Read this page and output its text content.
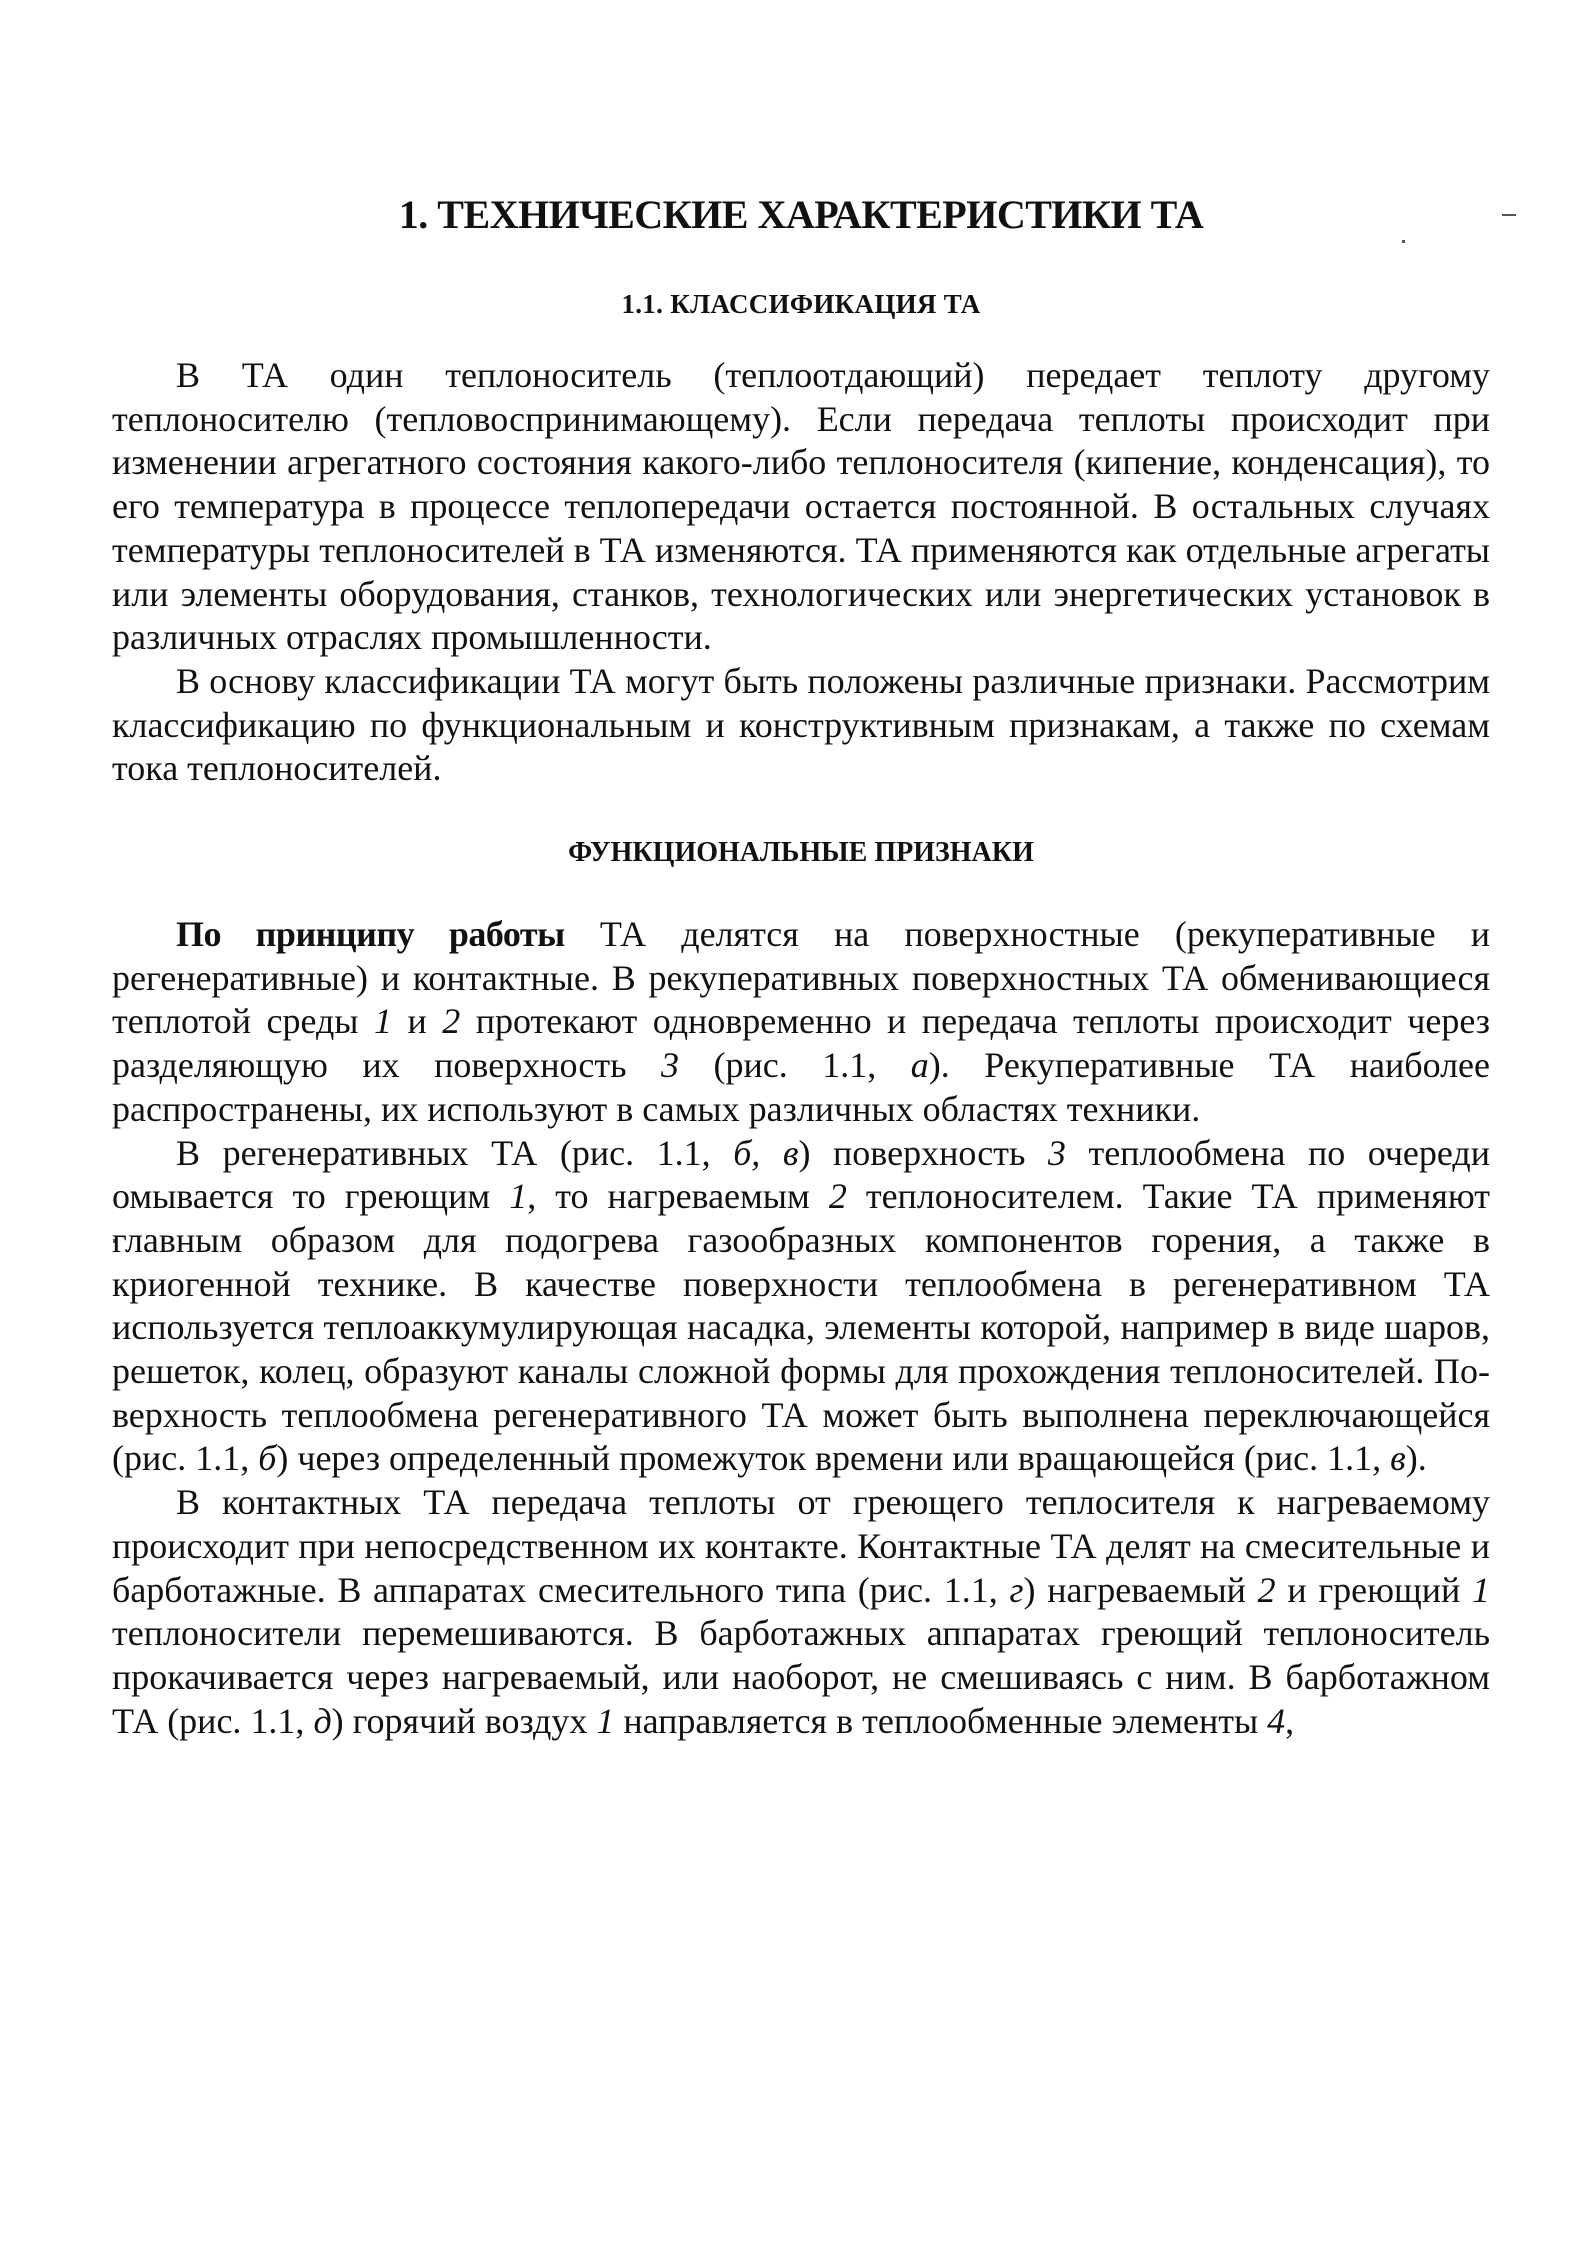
1. ТЕХНИЧЕСКИЕ ХАРАКТЕРИСТИКИ ТА
1.1. КЛАССИФИКАЦИЯ ТА

В ТА один теплоноситель (теплоотдающий) передает теплоту другому теплоносителю (тепловоспринимающему). Если передача теплоты происходит при изменении агрегатного состояния какого-либо теплоносителя (кипение, конденсация), то его температура в процессе теплопередачи остается постоянной. В остальных случаях температуры теплоносителей в ТА изменяются. ТА применяются как отдельные агрегаты или элементы оборудования, станков, технологических или энергетических установок в различных отраслях промышленности.

В основу классификации ТА могут быть положены различные признаки. Рассмотрим классификацию по функциональным и конструктивным признакам, а также по схемам тока теплоносителей.

ФУНКЦИОНАЛЬНЫЕ ПРИЗНАКИ

По принципу работы ТА делятся на поверхностные (рекуперативные и регенеративные) и контактные. В рекуперативных поверхностных ТА обменивающиеся теплотой среды 1 и 2 протекают одновременно и передача теплоты происходит через разделяющую их поверхность 3 (рис. 1.1, а). Рекуперативные ТА наиболее распространены, их используют в самых различных областях техники.

В регенеративных ТА (рис. 1.1, б, в) поверхность 3 теплообмена по очереди омывается то греющим 1, то нагреваемым 2 теплоносителем. Такие ТА применяют главным образом для подогрева газообразных компонентов горения, а также в криогенной технике. В качестве поверхности теплообмена в регенеративном ТА используется теплоаккумулирующая насадка, элементы которой, например в виде шаров, решеток, колец, образуют каналы сложной формы для прохождения теплоносителей. Поверхность теплообмена регенеративного ТА может быть выполнена переключающейся (рис. 1.1, б) через определенный промежуток времени или вращающейся (рис. 1.1, в).

В контактных ТА передача теплоты от греющего теплосителя к нагреваемому происходит при непосредственном их контакте. Контактные ТА делят на смесительные и барботажные. В аппаратах смесительного типа (рис. 1.1, г) нагреваемый 2 и греющий 1 теплоносители перемешиваются. В барботажных аппаратах греющий теплоноситель прокачивается через нагреваемый, или наоборот, не смешиваясь с ним. В барботажном ТА (рис. 1.1, д) горячий воздух 1 направляется в теплообменные элементы 4,
